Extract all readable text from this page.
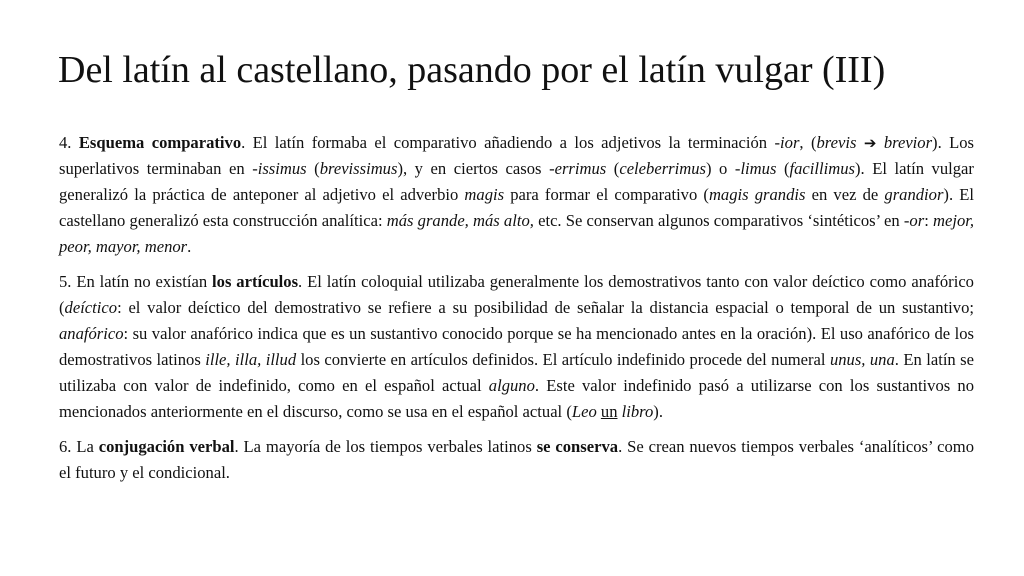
Del latín al castellano, pasando por el latín vulgar (III)

4. Esquema comparativo. El latín formaba el comparativo añadiendo a los adjetivos la terminación -ior, (brevis ➔ brevior). Los superlativos terminaban en -issimus (brevissimus), y en ciertos casos -errimus (celeberrimus) o -limus (facillimus). El latín vulgar generalizó la práctica de anteponer al adjetivo el adverbio magis para formar el comparativo (magis grandis en vez de grandior). El castellano generalizó esta construcción analítica: más grande, más alto, etc. Se conservan algunos comparativos ‘sintéticos’ en -or: mejor, peor, mayor, menor.

5. En latín no existían los artículos. El latín coloquial utilizaba generalmente los demostrativos tanto con valor deíctico como anafórico (deíctico: el valor deíctico del demostrativo se refiere a su posibilidad de señalar la distancia espacial o temporal de un sustantivo; anafórico: su valor anafórico indica que es un sustantivo conocido porque se ha mencionado antes en la oración). El uso anafórico de los demostrativos latinos ille, illa, illud los convierte en artículos definidos. El artículo indefinido procede del numeral unus, una. En latín se utilizaba con valor de indefinido, como en el español actual alguno. Este valor indefinido pasó a utilizarse con los sustantivos no mencionados anteriormente en el discurso, como se usa en el español actual (Leo un libro).

6. La conjugación verbal. La mayoría de los tiempos verbales latinos se conserva. Se crean nuevos tiempos verbales ‘analíticos’ como el futuro y el condicional.
